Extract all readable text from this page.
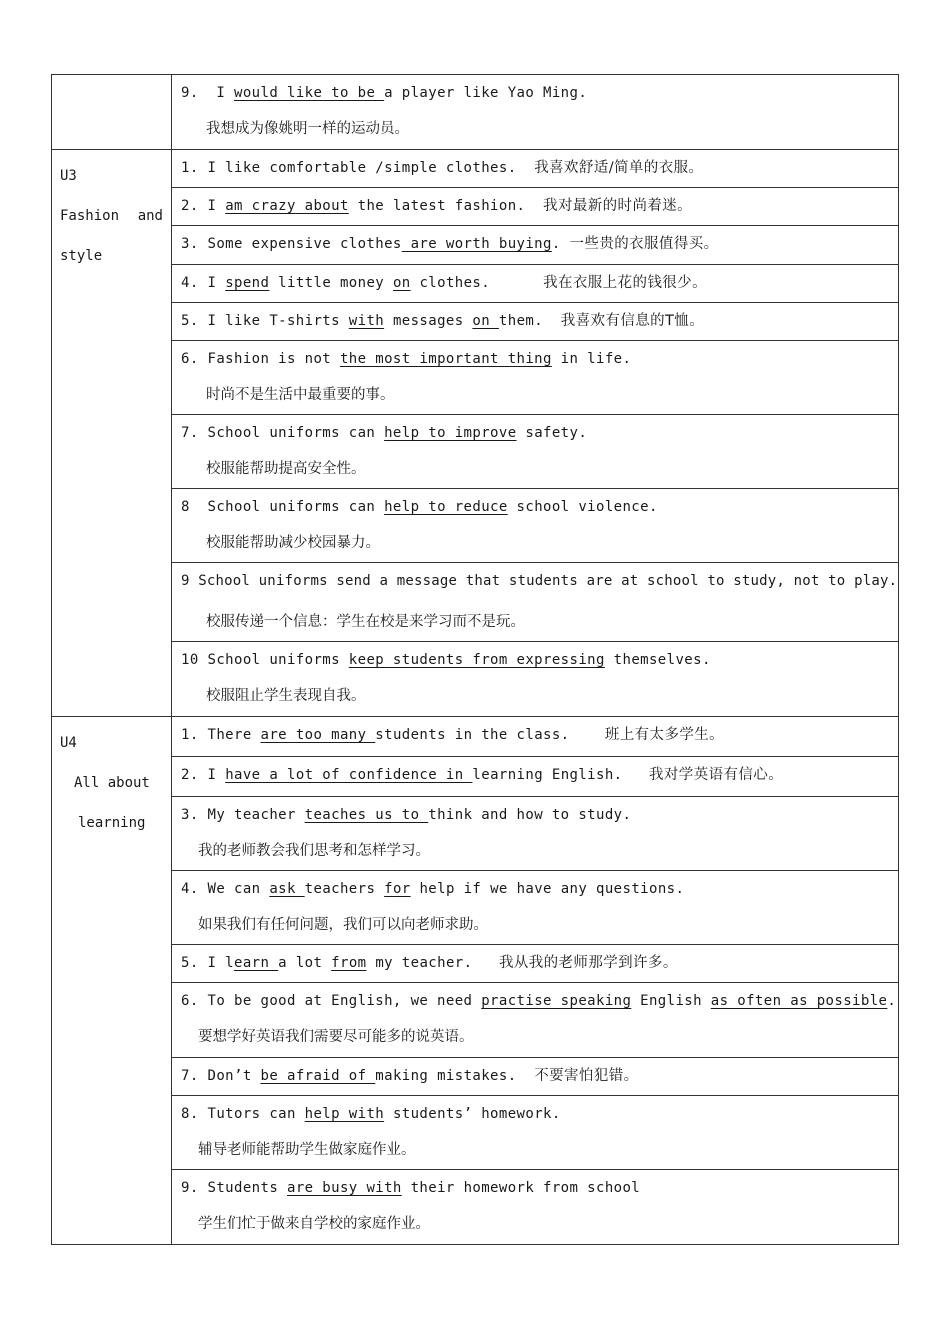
	9. I would like to be a player like Yao Ming.
我想成为像姚明一样的运动员。

U3
Fashion and
style	1. I like comfortable /simple clothes. 我喜欢舒适/简单的衣服。

	2. I am crazy about the latest fashion. 我对最新的时尚着迷。

	3. Some expensive clothes are worth buying. 一些贵的衣服值得买。

	4. I spend little money on clothes. 我在衣服上花的钱很少。

	5. I like T-shirts with messages on them. 我喜欢有信息的T恤。

	6. Fashion is not the most important thing in life.
时尚不是生活中最重要的事。

	7. School uniforms can help to improve safety.
校服能帮助提高安全性。

	8 School uniforms can help to reduce school violence.
校服能帮助减少校园暴力。

	9 School uniforms send a message that students are at school to study, not to play.
校服传递一个信息：学生在校是来学习而不是玩。

	10 School uniforms keep students from expressing themselves.
校服阻止学生表现自我。

U4
All about
learning	1. There are too many students in the class. 班上有太多学生。

	2. I have a lot of confidence in learning English. 我对学英语有信心。

	3. My teacher teaches us to think and how to study.
我的老师教会我们思考和怎样学习。

	4. We can ask teachers for help if we have any questions.
如果我们有任何问题，我们可以向老师求助。

	5. I learn a lot from my teacher. 我从我的老师那学到许多。

	6. To be good at English, we need practise speaking English as often as possible.
要想学好英语我们需要尽可能多的说英语。

	7. Don’t be afraid of making mistakes. 不要害怕犯错。

	8. Tutors can help with students’ homework.
辅导老师能帮助学生做家庭作业。

	9. Students are busy with their homework from school
学生们忙于做来自学校的家庭作业。
